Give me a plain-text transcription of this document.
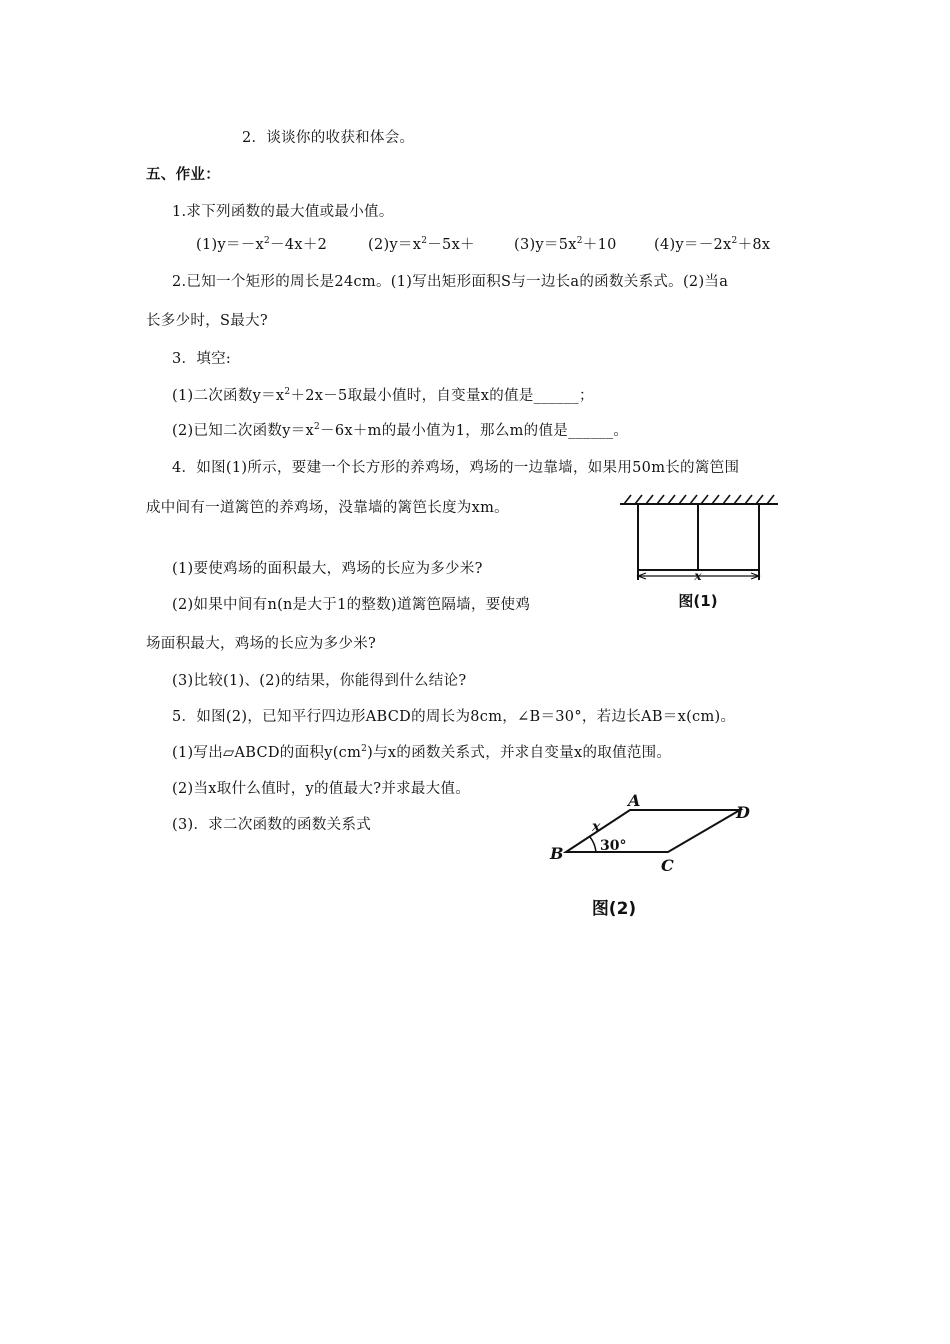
2．谈谈你的收获和体会。
五、作业：
1.求下列函数的最大值或最小值。
$(1)y=-x^2-4x+2$	$(2)y=x^2-5x+$	$(3)y=5x^2+10$	$(4)y=-2x^2+8x$
2.已知一个矩形的周长是24cm。(1)写出矩形面积S与一边长a的函数关系式。(2)当a
长多少时，S最大?
3．填空:
(1)二次函数$y=x^2+2x-5$取最小值时，自变量x的值是______；
(2)已知二次函数$y=x^2-6x+m$的最小值为1，那么m的值是______。
4．如图(1)所示，要建一个长方形的养鸡场，鸡场的一边靠墙，如果用50m长的篱笆围
成中间有一道篱笆的养鸡场，没靠墙的篱笆长度为xm。
(1)要使鸡场的面积最大，鸡场的长应为多少米?
(2)如果中间有n(n是大于1的整数)道篱笆隔墙，要使鸡
场面积最大，鸡场的长应为多少米?
(3)比较(1)、(2)的结果，你能得到什么结论?
5．如图(2)，已知平行四边形ABCD的周长为8cm，∠B＝30°，若边长AB＝x(cm)。
(1)写出▱ABCD的面积$y(cm^2)$与x的函数关系式，并求自变量x的取值范围。
(2)当x取什么值时，y的值最大?并求最大值。
(3)．求二次函数的函数关系式
x
图(1)
A
D
B
C
x
30°
图(2)
